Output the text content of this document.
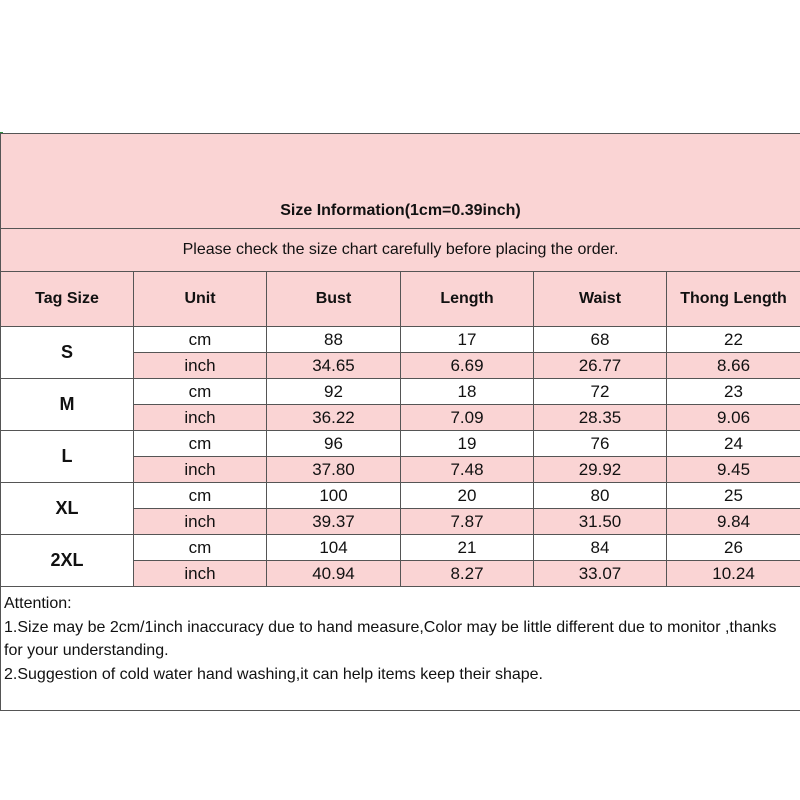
Size Information(1cm=0.39inch)					
Please check the size chart carefully before placing the order.					
Tag Size	Unit	Bust	Length	Waist	Thong Length
S	cm	88	17	68	22
	inch	34.65	6.69	26.77	8.66
M	cm	92	18	72	23
	inch	36.22	7.09	28.35	9.06
L	cm	96	19	76	24
	inch	37.80	7.48	29.92	9.45
XL	cm	100	20	80	25
	inch	39.37	7.87	31.50	9.84
2XL	cm	104	21	84	26
	inch	40.94	8.27	33.07	10.24

Attention:
1.Size may be 2cm/1inch inaccuracy due to hand measure,Color may be little different due to monitor ,thanks for your understanding.
2.Suggestion of cold water hand washing,it can help items keep their shape.					
